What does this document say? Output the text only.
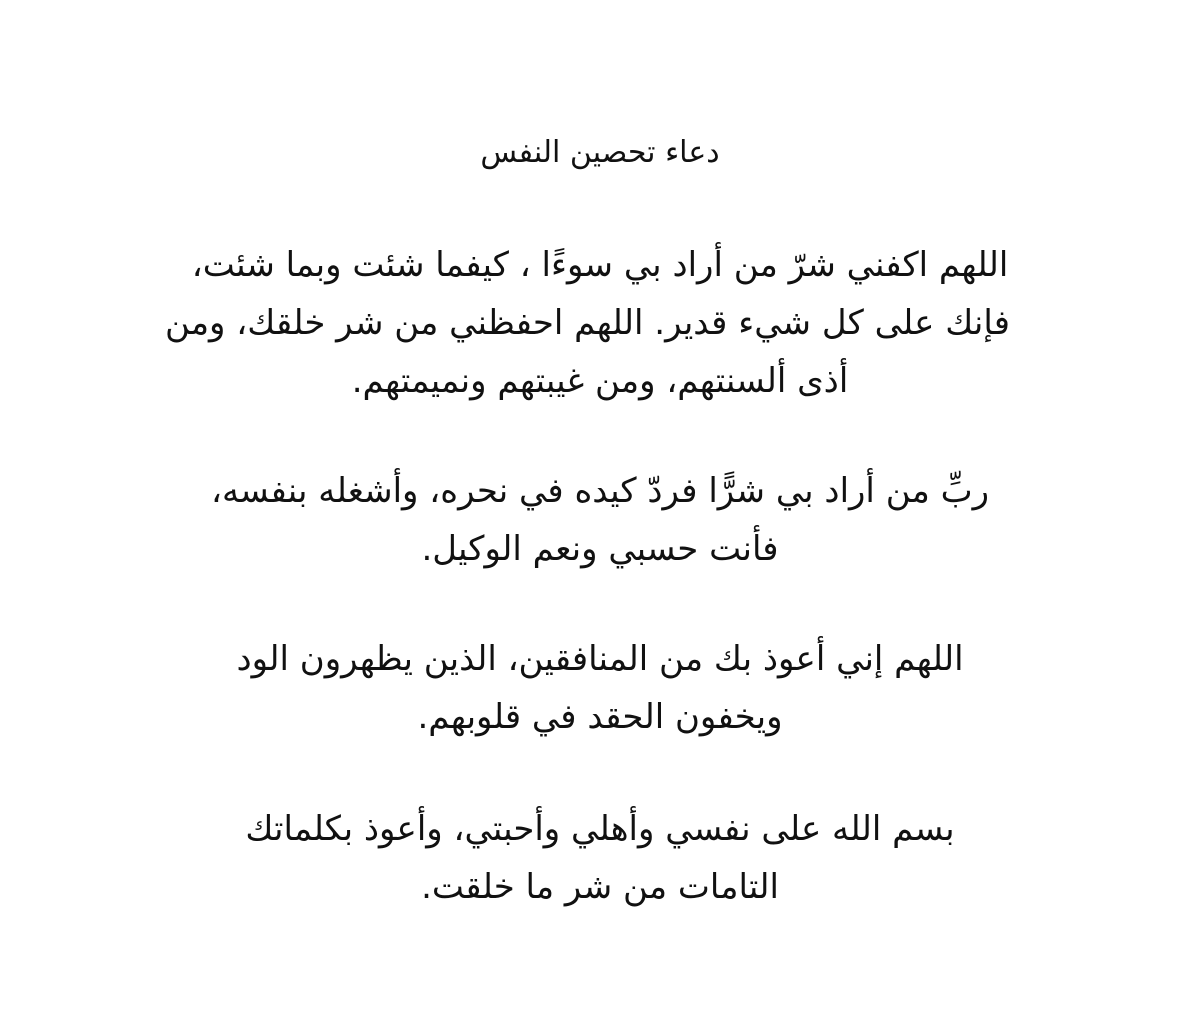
دعاء تحصين النفس

اللهم اكفني شرّ من أراد بي سوءًا ، كيفما شئت وبما شئت،
فإنك على كل شيء قدير. اللهم احفظني من شر خلقك، ومن
أذى ألسنتهم، ومن غيبتهم ونميمتهم.

ربِّ من أراد بي شرًّا فردّ كيده في نحره، وأشغله بنفسه،
فأنت حسبي ونعم الوكيل.

اللهم إني أعوذ بك من المنافقين، الذين يظهرون الود
ويخفون الحقد في قلوبهم.

بسم الله على نفسي وأهلي وأحبتي، وأعوذ بكلماتك
التامات من شر ما خلقت.
